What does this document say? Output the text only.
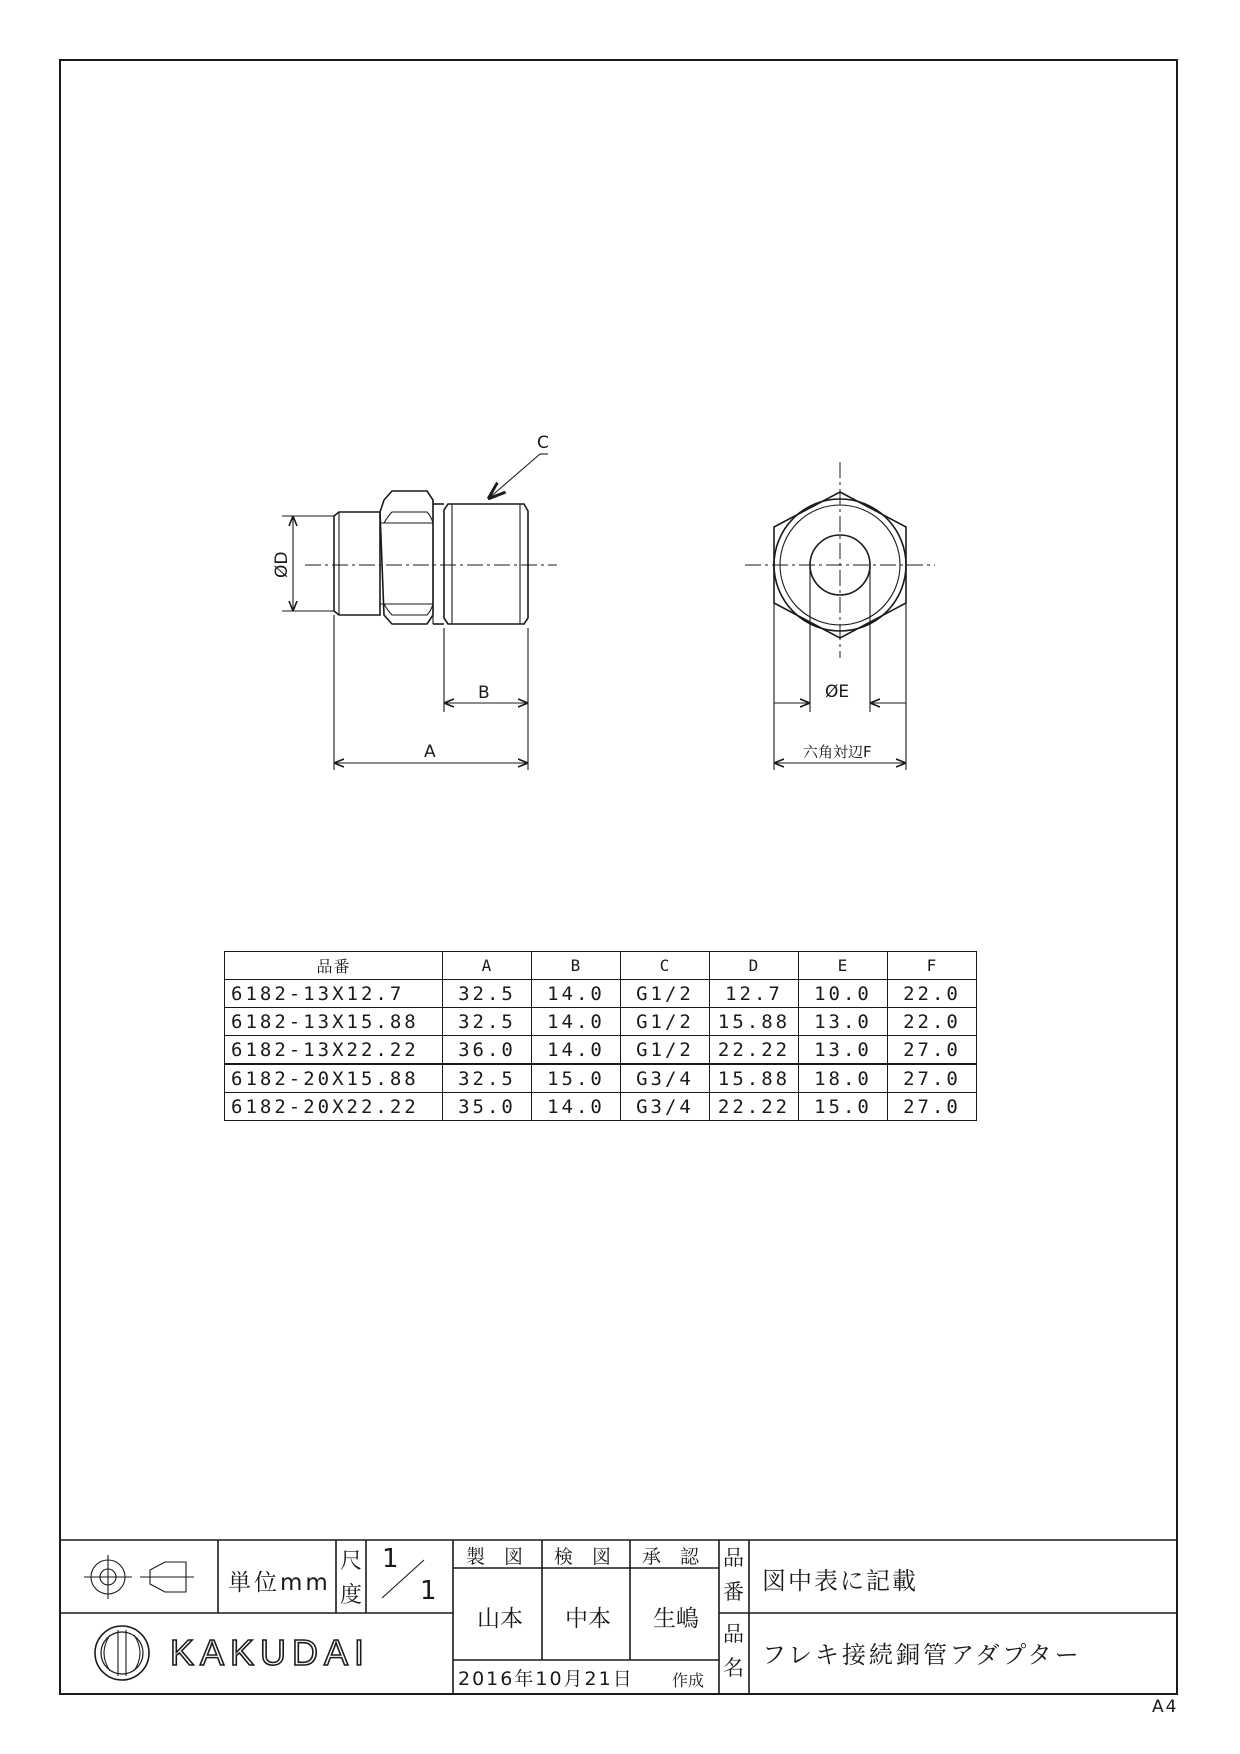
C
ØD
B
A
ØE
六角対辺F
品番	A	B	C	D	E	F
6182-13X12.7	32.5	14.0	G1/2	12.7	10.0	22.0
6182-13X15.88	32.5	14.0	G1/2	15.88	13.0	22.0
6182-13X22.22	36.0	14.0	G1/2	22.22	13.0	27.0
6182-20X15.88	32.5	15.0	G3/4	15.88	18.0	27.0
6182-20X22.22	35.0	14.0	G3/4	22.22	15.0	27.0
単位mm
尺
度
1
1
製　図 検　図 承　認
山本 中本 生嶋
2016年10月21日 作成
品
番 図中表に記載
品
名 フレキ接続銅管アダプター
KAKUDAI
A4
